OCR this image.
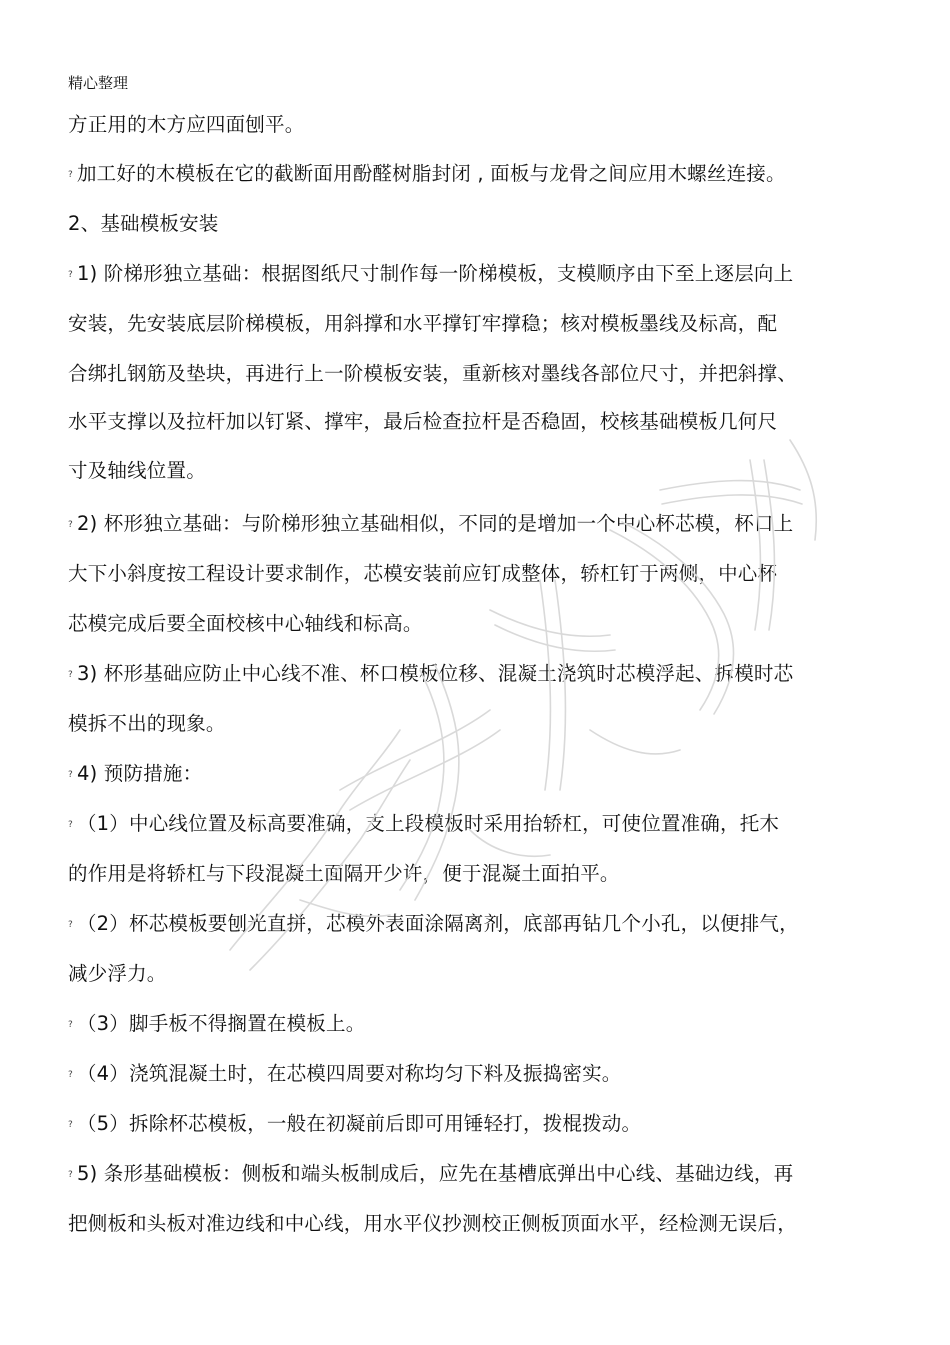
精心整理
方正用的木方应四面刨平。
? 加工好的木模板在它的截断面用酚醛树脂封闭 , 面板与龙骨之间应用木螺丝连接。
2、基础模板安装
? 1) 阶梯形独立基础：根据图纸尺寸制作每一阶梯模板，支模顺序由下至上逐层向上
安装，先安装底层阶梯模板，用斜撑和水平撑钉牢撑稳；核对模板墨线及标高，配
合绑扎钢筋及垫块，再进行上一阶模板安装，重新核对墨线各部位尺寸，并把斜撑、
水平支撑以及拉杆加以钉紧、撑牢，最后检查拉杆是否稳固，校核基础模板几何尺
寸及轴线位置。
? 2) 杯形独立基础：与阶梯形独立基础相似，不同的是增加一个中心杯芯模，杯口上
大下小斜度按工程设计要求制作，芯模安装前应钉成整体，轿杠钉于两侧，中心杯
芯模完成后要全面校核中心轴线和标高。
? 3) 杯形基础应防止中心线不准、杯口模板位移、混凝土浇筑时芯模浮起、拆模时芯
模拆不出的现象。
? 4) 预防措施：
? （1）中心线位置及标高要准确，支上段模板时采用抬轿杠，可使位置准确，托木
的作用是将轿杠与下段混凝土面隔开少许，便于混凝土面拍平。
? （2）杯芯模板要刨光直拼，芯模外表面涂隔离剂，底部再钻几个小孔，以便排气，
减少浮力。
? （3）脚手板不得搁置在模板上。
? （4）浇筑混凝土时，在芯模四周要对称均匀下料及振捣密实。
? （5）拆除杯芯模板，一般在初凝前后即可用锤轻打，拨棍拨动。
? 5) 条形基础模板：侧板和端头板制成后，应先在基槽底弹出中心线、基础边线，再
把侧板和头板对准边线和中心线，用水平仪抄测校正侧板顶面水平，经检测无误后，
